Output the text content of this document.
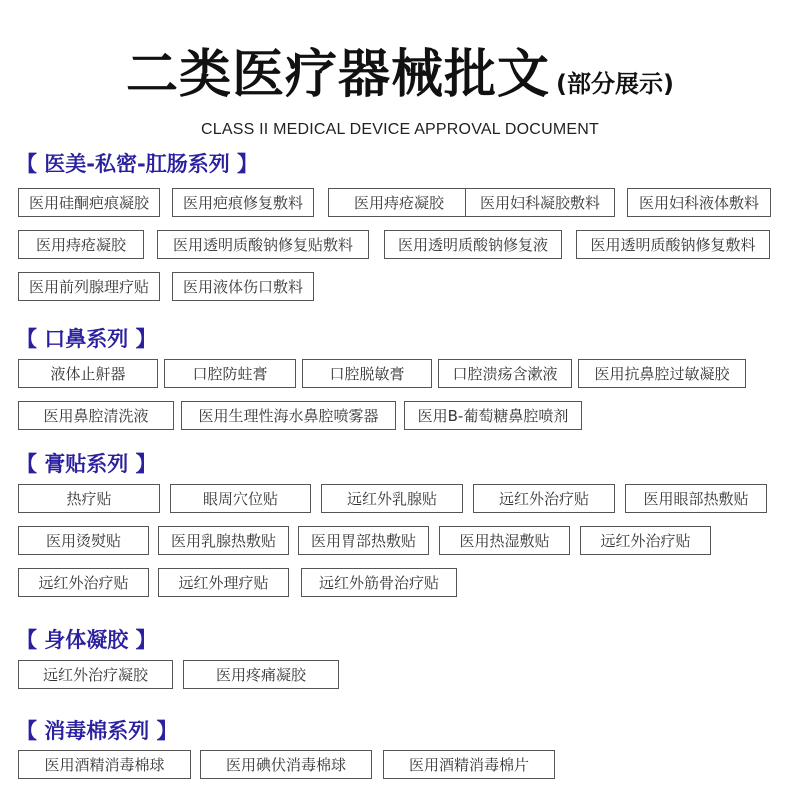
二类医疗器械批文 (部分展示)
CLASS II MEDICAL DEVICE APPROVAL DOCUMENT
【 医美-私密-肛肠系列 】
医用硅酮疤痕凝胶	医用疤痕修复敷料	医用痔疮凝胶	医用妇科凝胶敷料	医用妇科液体敷料
医用痔疮凝胶	医用透明质酸钠修复贴敷料	医用透明质酸钠修复液	医用透明质酸钠修复敷料
医用前列腺理疗贴	医用液体伤口敷料
【 口鼻系列 】
液体止鼾器	口腔防蛀膏	口腔脱敏膏	口腔溃疡含漱液	医用抗鼻腔过敏凝胶
医用鼻腔清洗液	医用生理性海水鼻腔喷雾器	医用B-葡萄糖鼻腔喷剂
【 膏贴系列 】
热疗贴	眼周穴位贴	远红外乳腺贴	远红外治疗贴	医用眼部热敷贴
医用烫熨贴	医用乳腺热敷贴	医用胃部热敷贴	医用热湿敷贴	远红外治疗贴
远红外治疗贴	远红外理疗贴	远红外筋骨治疗贴
【 身体凝胶 】
远红外治疗凝胶	医用疼痛凝胶
【 消毒棉系列 】
医用酒精消毒棉球	医用碘伏消毒棉球	医用酒精消毒棉片
